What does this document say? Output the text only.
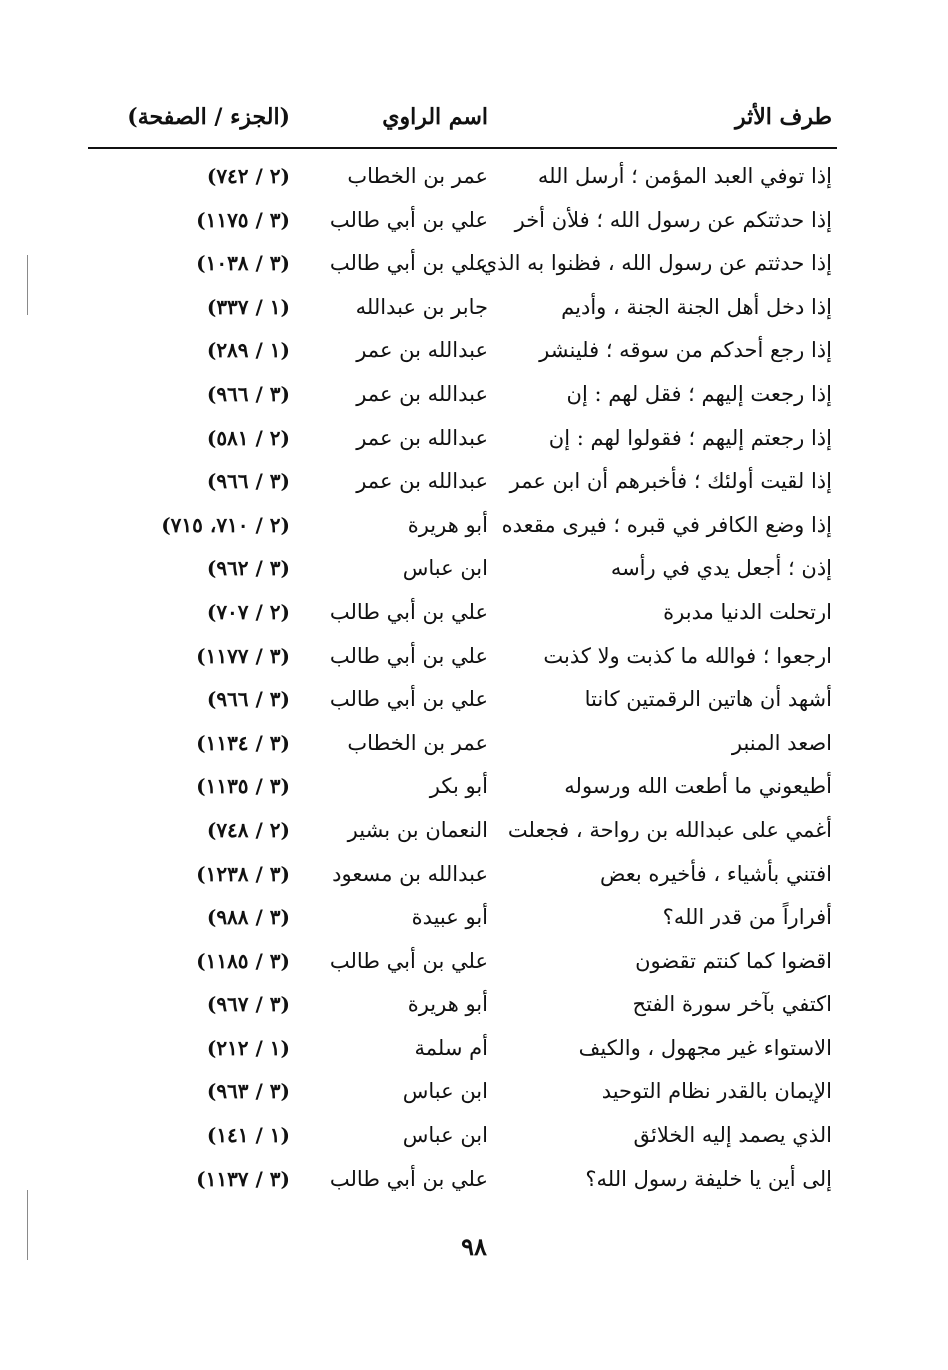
طرف الأثر
اسم الراوي
(الجزء / الصفحة)
إذا توفي العبد المؤمن ؛ أرسل الله
عمر بن الخطاب
(٢ / ٧٤٢)
إذا حدثتكم عن رسول الله ؛ فلأن أخر
علي بن أبي طالب
(٣ / ١١٧٥)
إذا حدثتم عن رسول الله ، فظنوا به الذي
علي بن أبي طالب
(٣ / ١٠٣٨)
إذا دخل أهل الجنة الجنة ، وأديم
جابر بن عبدالله
(١ / ٣٣٧)
إذا رجع أحدكم من سوقه ؛ فلينشر
عبدالله بن عمر
(١ / ٢٨٩)
إذا رجعت إليهم ؛ فقل لهم : إن
عبدالله بن عمر
(٣ / ٩٦٦)
إذا رجعتم إليهم ؛ فقولوا لهم : إن
عبدالله بن عمر
(٢ / ٥٨١)
إذا لقيت أولئك ؛ فأخبرهم أن ابن عمر
عبدالله بن عمر
(٣ / ٩٦٦)
إذا وضع الكافر في قبره ؛ فيرى مقعده
أبو هريرة
(٢ / ٧١٠، ٧١٥)
إذن ؛ أجعل يدي في رأسه
ابن عباس
(٣ / ٩٦٢)
ارتحلت الدنيا مدبرة
علي بن أبي طالب
(٢ / ٧٠٧)
ارجعوا ؛ فوالله ما كذبت ولا كذبت
علي بن أبي طالب
(٣ / ١١٧٧)
أشهد أن هاتين الرقمتين كانتا
علي بن أبي طالب
(٣ / ٩٦٦)
اصعد المنبر
عمر بن الخطاب
(٣ / ١١٣٤)
أطيعوني ما أطعت الله ورسوله
أبو بكر
(٣ / ١١٣٥)
أغمي على عبدالله بن رواحة ، فجعلت
النعمان بن بشير
(٢ / ٧٤٨)
افتني بأشياء ، فأخيره بعض
عبدالله بن مسعود
(٣ / ١٢٣٨)
أفراراً من قدر الله؟
أبو عبيدة
(٣ / ٩٨٨)
اقضوا كما كنتم تقضون
علي بن أبي طالب
(٣ / ١١٨٥)
اكتفي بآخر سورة الفتح
أبو هريرة
(٣ / ٩٦٧)
الاستواء غير مجهول ، والكيف
أم سلمة
(١ / ٢١٢)
الإيمان بالقدر نظام التوحيد
ابن عباس
(٣ / ٩٦٣)
الذي يصمد إليه الخلائق
ابن عباس
(١ / ١٤١)
إلى أين يا خليفة رسول الله؟
علي بن أبي طالب
(٣ / ١١٣٧)
٩٨
